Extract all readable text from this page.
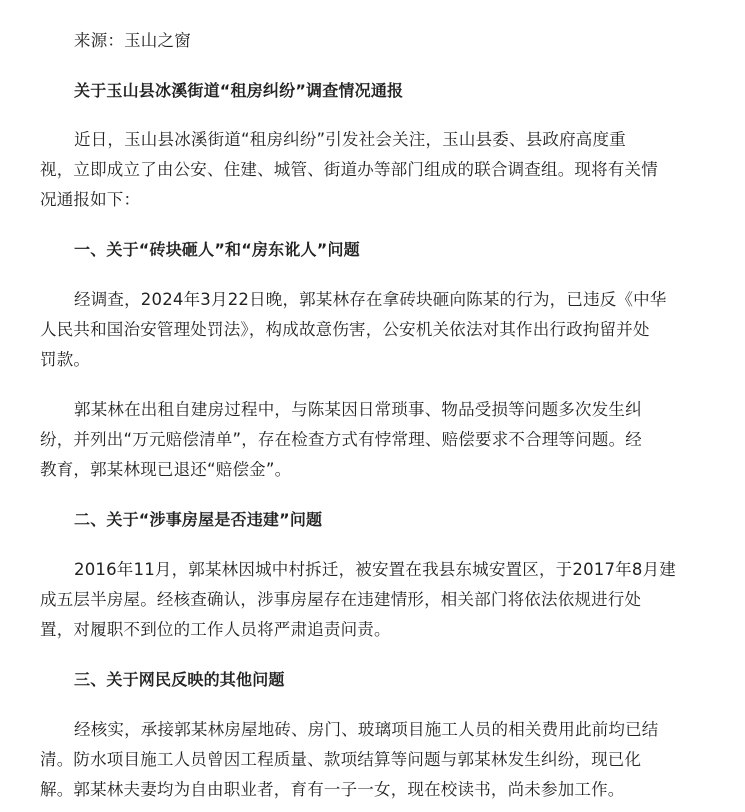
来源：玉山之窗
关于玉山县冰溪街道“租房纠纷”调查情况通报
近日，玉山县冰溪街道“租房纠纷”引发社会关注，玉山县委、县政府高度重
视，立即成立了由公安、住建、城管、街道办等部门组成的联合调查组。现将有关情
况通报如下：
一、关于“砖块砸人”和“房东讹人”问题
经调查，2024年3月22日晚，郭某林存在拿砖块砸向陈某的行为，已违反《中华
人民共和国治安管理处罚法》，构成故意伤害，公安机关依法对其作出行政拘留并处
罚款。
郭某林在出租自建房过程中，与陈某因日常琐事、物品受损等问题多次发生纠
纷，并列出“万元赔偿清单”，存在检查方式有悖常理、赔偿要求不合理等问题。经
教育，郭某林现已退还“赔偿金”。
二、关于“涉事房屋是否违建”问题
2016年11月，郭某林因城中村拆迁，被安置在我县东城安置区，于2017年8月建
成五层半房屋。经核查确认，涉事房屋存在违建情形，相关部门将依法依规进行处
置，对履职不到位的工作人员将严肃追责问责。
三、关于网民反映的其他问题
经核实，承接郭某林房屋地砖、房门、玻璃项目施工人员的相关费用此前均已结
清。防水项目施工人员曾因工程质量、款项结算等问题与郭某林发生纠纷，现已化
解。郭某林夫妻均为自由职业者，育有一子一女，现在校读书，尚未参加工作。
